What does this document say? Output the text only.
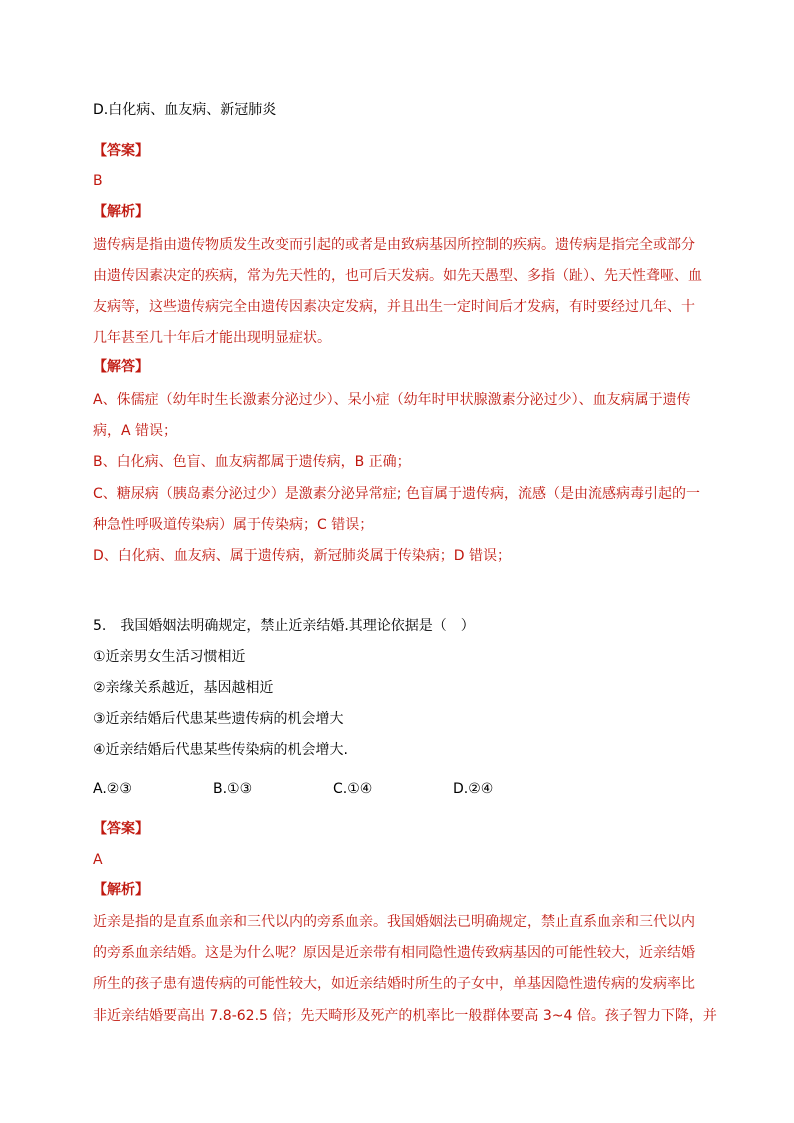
D.白化病、血友病、新冠肺炎
【答案】
B
【解析】
遗传病是指由遗传物质发生改变而引起的或者是由致病基因所控制的疾病。遗传病是指完全或部分
由遗传因素决定的疾病，常为先天性的，也可后天发病。如先天愚型、多指（趾）、先天性聋哑、血
友病等，这些遗传病完全由遗传因素决定发病，并且出生一定时间后才发病，有时要经过几年、十
几年甚至几十年后才能出现明显症状。
【解答】
A、侏儒症（幼年时生长激素分泌过少）、呆小症（幼年时甲状腺激素分泌过少）、血友病属于遗传
病，A 错误；
B、白化病、色盲、血友病都属于遗传病，B 正确；
C、糖尿病（胰岛素分泌过少）是激素分泌异常症; 色盲属于遗传病，流感（是由流感病毒引起的一
种急性呼吸道传染病）属于传染病；C 错误；
D、白化病、血友病、属于遗传病，新冠肺炎属于传染病；D 错误；
5.　我国婚姻法明确规定，禁止近亲结婚.其理论依据是（　）
①近亲男女生活习惯相近
②亲缘关系越近，基因越相近
③近亲结婚后代患某些遗传病的机会增大
④近亲结婚后代患某些传染病的机会增大.
A.②③	B.①③	C.①④	D.②④
【答案】
A
【解析】
近亲是指的是直系血亲和三代以内的旁系血亲。我国婚姻法已明确规定，禁止直系血亲和三代以内
的旁系血亲结婚。这是为什么呢？原因是近亲带有相同隐性遗传致病基因的可能性较大，近亲结婚
所生的孩子患有遗传病的可能性较大，如近亲结婚时所生的子女中，单基因隐性遗传病的发病率比
非近亲结婚要高出 7.8-62.5 倍；先天畸形及死产的机率比一般群体要高 3~4 倍。孩子智力下降，并
